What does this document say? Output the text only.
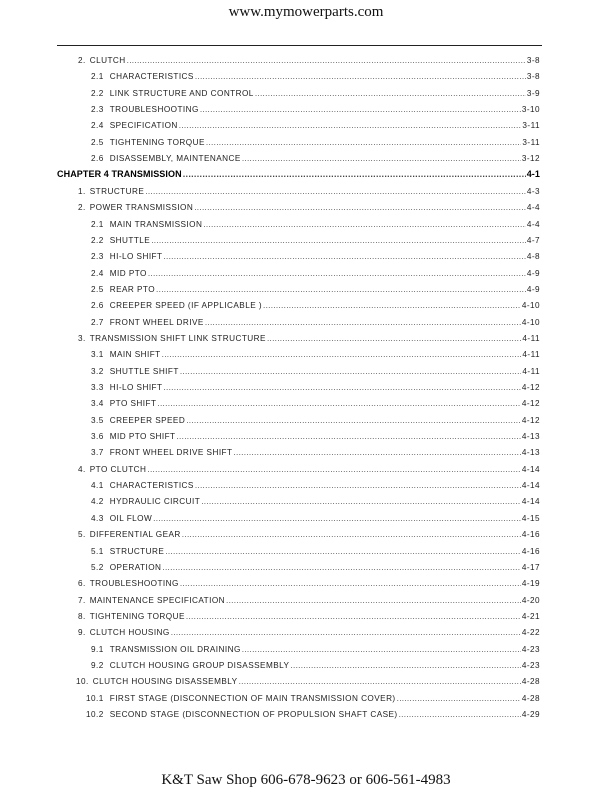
www.mymowerparts.com
2. CLUTCH .....	3-8
2.1 CHARACTERISTICS .....	3-8
2.2 LINK STRUCTURE AND CONTROL .....	3-9
2.3 TROUBLESHOOTING .....	3-10
2.4 SPECIFICATION .....	3-11
2.5 TIGHTENING TORQUE .....	3-11
2.6 DISASSEMBLY, MAINTENANCE .....	3-12
CHAPTER 4 TRANSMISSION .....	4-1
1. STRUCTURE .....	4-3
2. POWER TRANSMISSION .....	4-4
2.1 MAIN TRANSMISSION .....	4-4
2.2 SHUTTLE .....	4-7
2.3 HI-LO SHIFT .....	4-8
2.4 MID PTO .....	4-9
2.5 REAR PTO .....	4-9
2.6 CREEPER SPEED (IF APPLICABLE ) .....	4-10
2.7 FRONT WHEEL DRIVE .....	4-10
3. TRANSMISSION SHIFT LINK STRUCTURE .....	4-11
3.1 MAIN SHIFT .....	4-11
3.2 SHUTTLE SHIFT .....	4-11
3.3 HI-LO SHIFT .....	4-12
3.4 PTO SHIFT .....	4-12
3.5 CREEPER SPEED .....	4-12
3.6 MID PTO SHIFT .....	4-13
3.7 FRONT WHEEL DRIVE SHIFT .....	4-13
4. PTO CLUTCH .....	4-14
4.1 CHARACTERISTICS .....	4-14
4.2 HYDRAULIC CIRCUIT .....	4-14
4.3 OIL FLOW .....	4-15
5. DIFFERENTIAL GEAR .....	4-16
5.1 STRUCTURE .....	4-16
5.2 OPERATION .....	4-17
6. TROUBLESHOOTING .....	4-19
7. MAINTENANCE SPECIFICATION .....	4-20
8. TIGHTENING TORQUE .....	4-21
9. CLUTCH HOUSING .....	4-22
9.1 TRANSMISSION OIL DRAINING .....	4-23
9.2 CLUTCH HOUSING GROUP DISASSEMBLY .....	4-23
10. CLUTCH HOUSING DISASSEMBLY .....	4-28
10.1 FIRST STAGE (DISCONNECTION OF MAIN TRANSMISSION COVER) .....	4-28
10.2 SECOND STAGE (DISCONNECTION OF PROPULSION SHAFT CASE) .....	4-29
K&T Saw Shop 606-678-9623 or 606-561-4983
